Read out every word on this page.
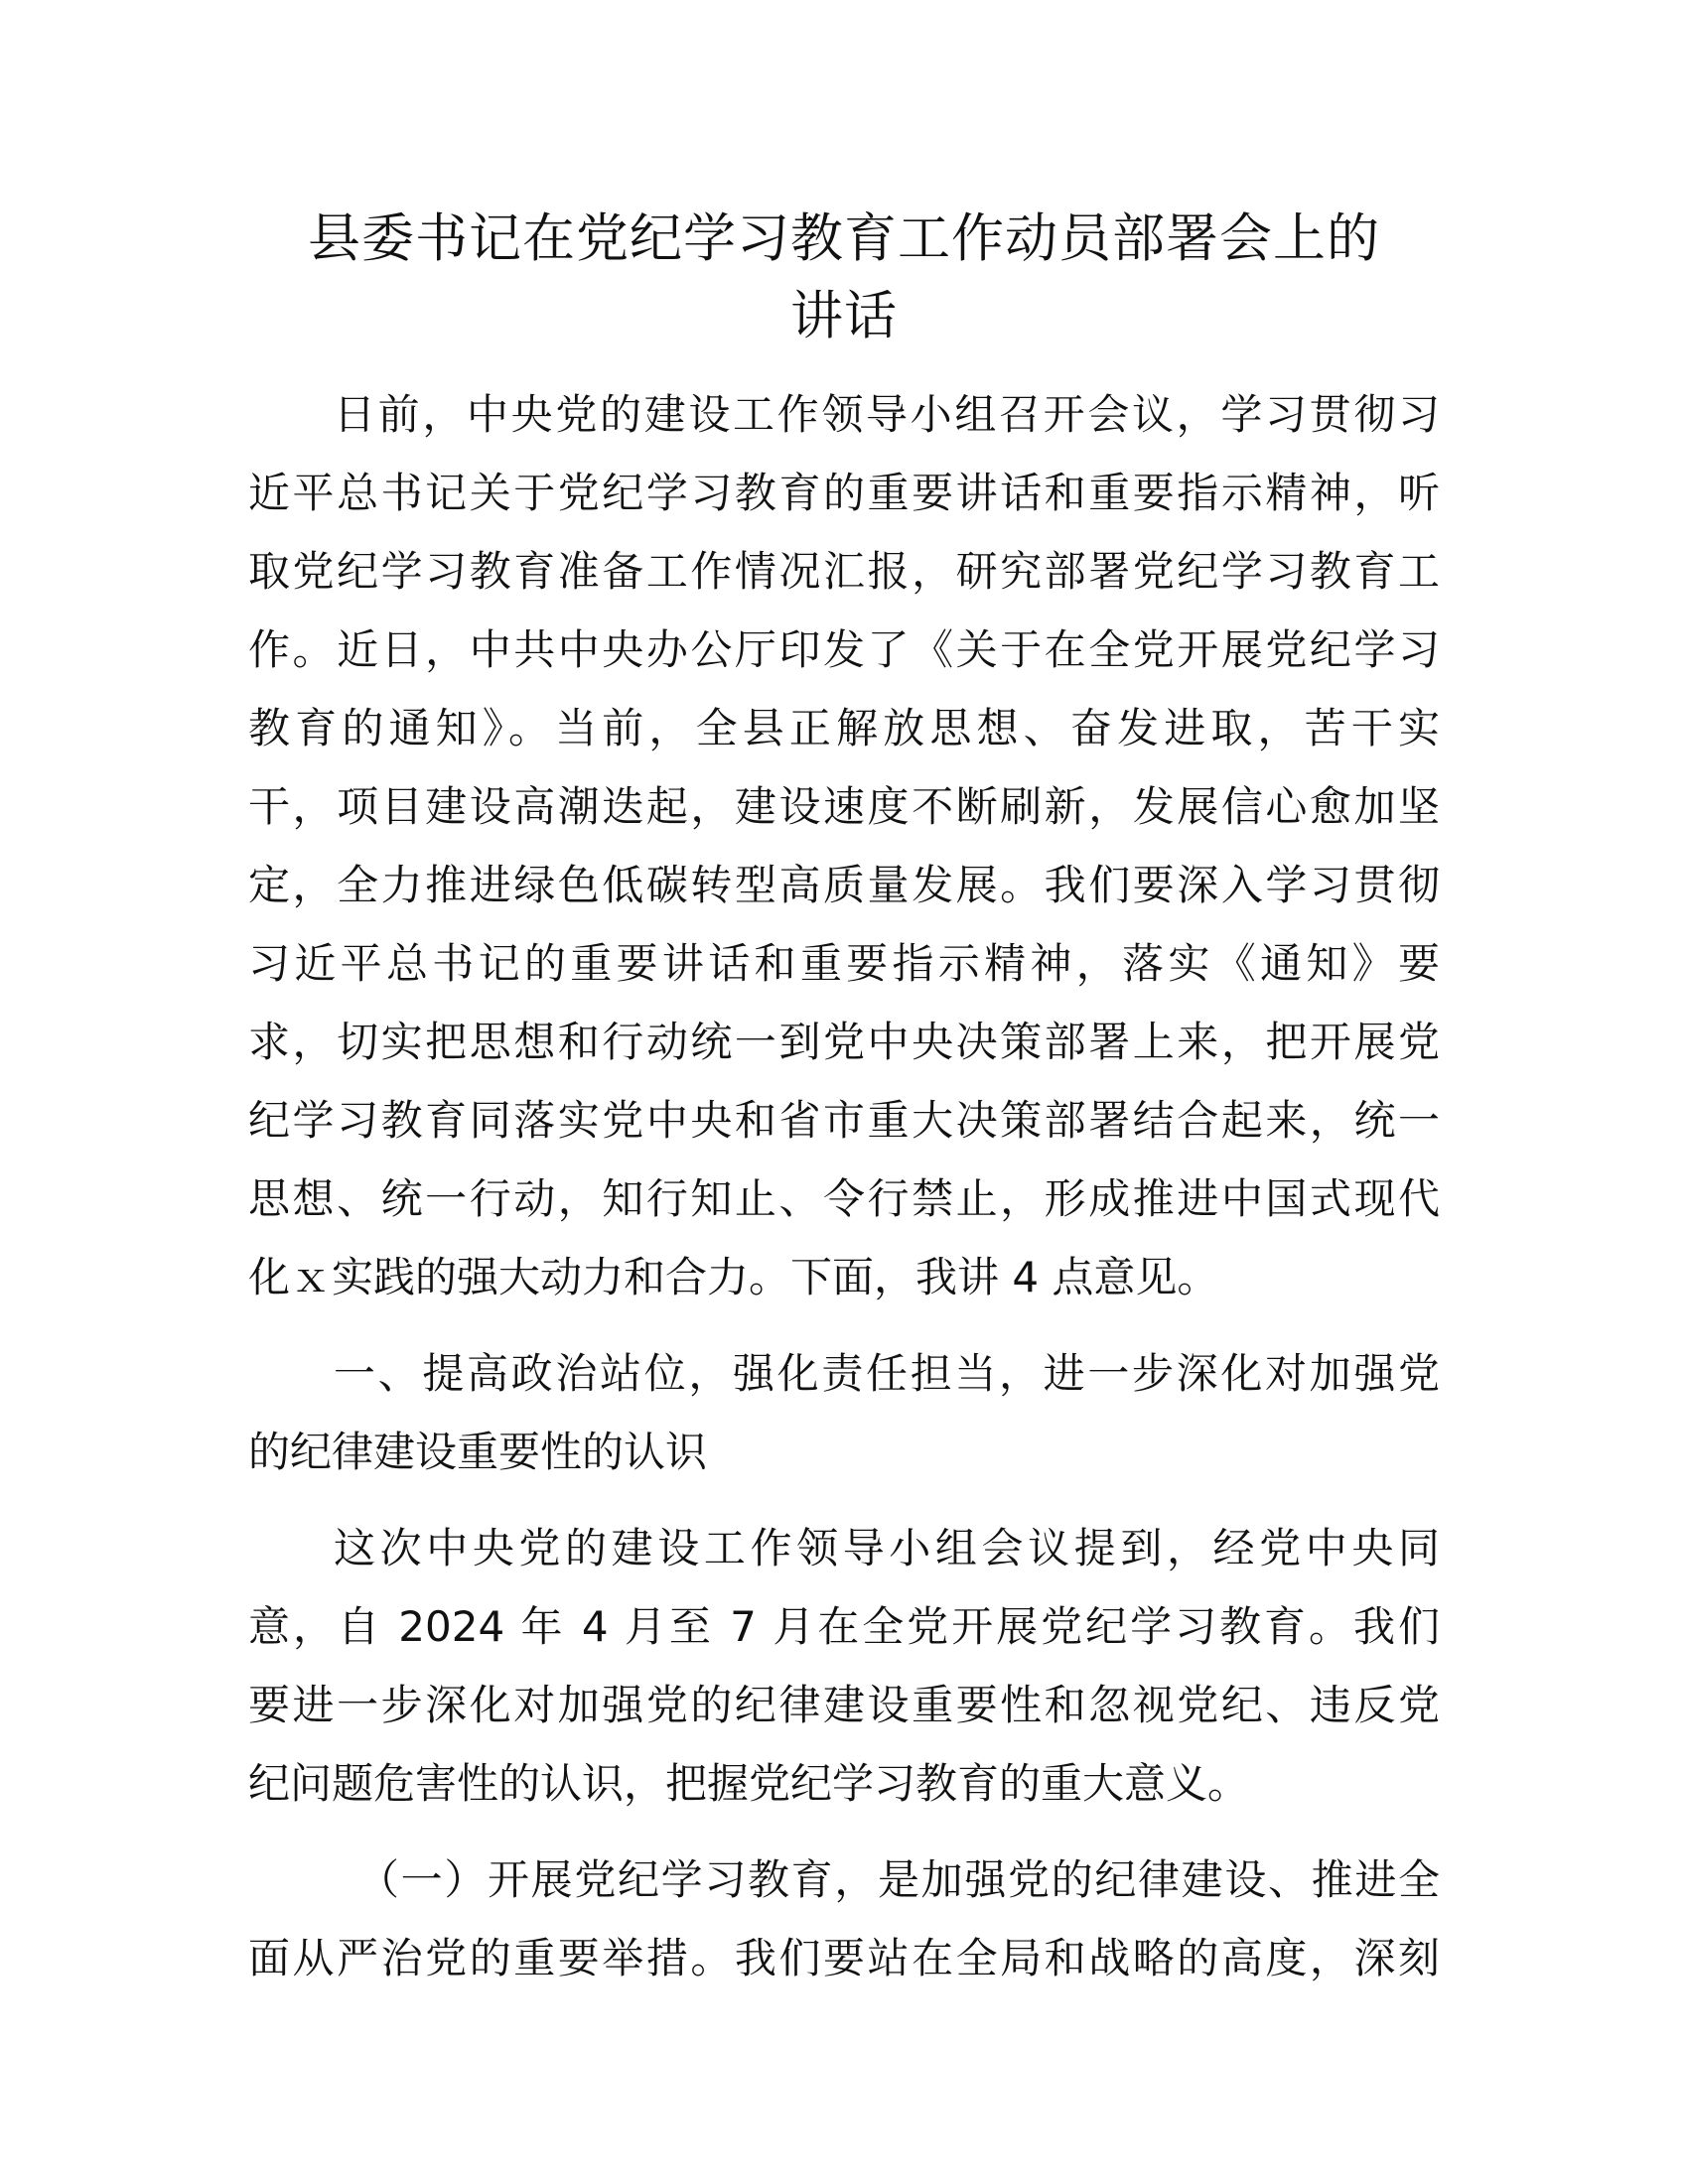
县委书记在党纪学习教育工作动员部署会上的
讲话

日前，中央党的建设工作领导小组召开会议，学习贯彻习

近平总书记关于党纪学习教育的重要讲话和重要指示精神，听

取党纪学习教育准备工作情况汇报，研究部署党纪学习教育工

作。近日，中共中央办公厅印发了《关于在全党开展党纪学习

教育的通知》。当前，全县正解放思想、奋发进取，苦干实

干，项目建设高潮迭起，建设速度不断刷新，发展信心愈加坚

定，全力推进绿色低碳转型高质量发展。我们要深入学习贯彻

习近平总书记的重要讲话和重要指示精神，落实《通知》要

求，切实把思想和行动统一到党中央决策部署上来，把开展党

纪学习教育同落实党中央和省市重大决策部署结合起来，统一

思想、统一行动，知行知止、令行禁止，形成推进中国式现代

化ｘ实践的强大动力和合力。下面，我讲 4 点意见。

一、提高政治站位，强化责任担当，进一步深化对加强党

的纪律建设重要性的认识

这次中央党的建设工作领导小组会议提到，经党中央同

意，自 2024 年 4 月至 7 月在全党开展党纪学习教育。我们

要进一步深化对加强党的纪律建设重要性和忽视党纪、违反党

纪问题危害性的认识，把握党纪学习教育的重大意义。

（一）开展党纪学习教育，是加强党的纪律建设、推进全

面从严治党的重要举措。我们要站在全局和战略的高度，深刻
